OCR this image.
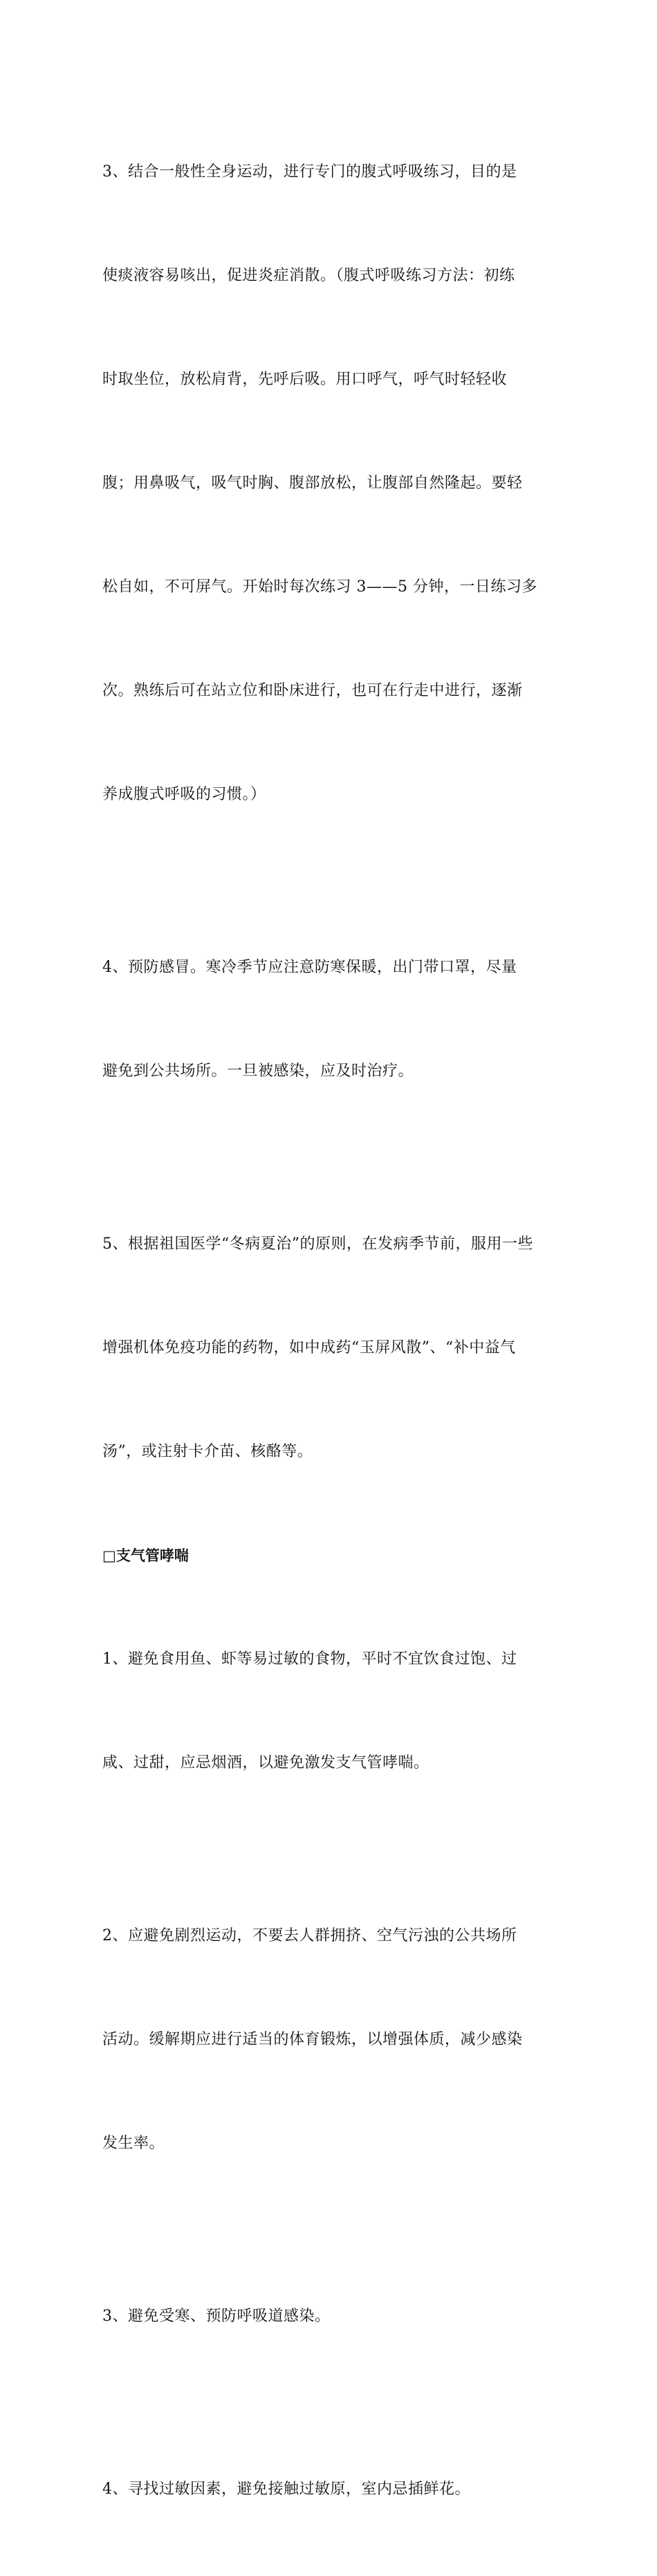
3、结合一般性全身运动，进行专门的腹式呼吸练习，目的是

使痰液容易咳出，促进炎症消散。（腹式呼吸练习方法：初练

时取坐位，放松肩背，先呼后吸。用口呼气，呼气时轻轻收

腹；用鼻吸气，吸气时胸、腹部放松，让腹部自然隆起。要轻

松自如，不可屏气。开始时每次练习 3——5 分钟，一日练习多

次。熟练后可在站立位和卧床进行，也可在行走中进行，逐渐

养成腹式呼吸的习惯。）

4、预防感冒。寒冷季节应注意防寒保暖，出门带口罩，尽量

避免到公共场所。一旦被感染，应及时治疗。

5、根据祖国医学“冬病夏治”的原则，在发病季节前，服用一些

增强机体免疫功能的药物，如中成药“玉屏风散”、“补中益气

汤”，或注射卡介苗、核酪等。

□支气管哮喘

1、避免食用鱼、虾等易过敏的食物，平时不宜饮食过饱、过

咸、过甜，应忌烟酒，以避免激发支气管哮喘。

2、应避免剧烈运动，不要去人群拥挤、空气污浊的公共场所

活动。缓解期应进行适当的体育锻炼，以增强体质，减少感染

发生率。

3、避免受寒、预防呼吸道感染。

4、寻找过敏因素，避免接触过敏原，室内忌插鲜花。
